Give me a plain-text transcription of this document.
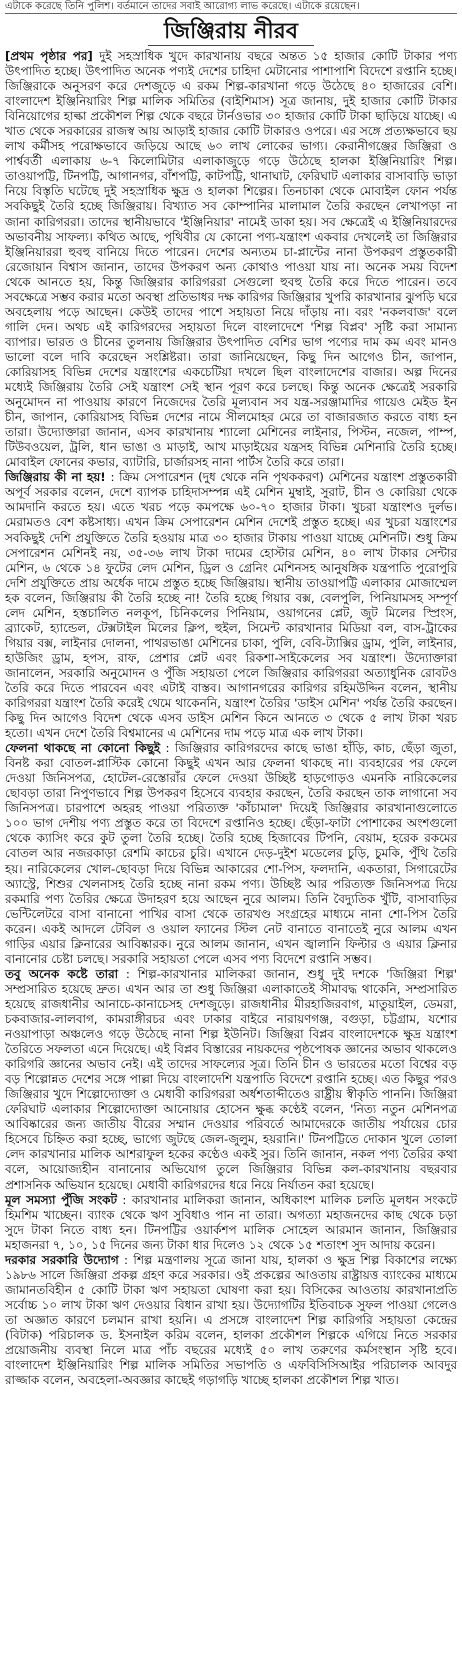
এটাকে করেছে তিনি পুলিশ। বর্তমানে তাদের সবাই আরোগ্য লাভ করেছে। এটাকে রয়েছেন।
জিঞ্জিরায় নীরব

[প্রথম পৃষ্ঠার পর] দুই সহস্রাধিক খুদে কারখানায় বছরে অন্তত ১৫ হাজার কোটি টাকার পণ্য উৎপাদিত হচ্ছে। উৎপাদিত অনেক পণ্যই দেশের চাহিদা মেটানোর পাশাপাশি বিদেশে রপ্তানি হচ্ছে। জিঞ্জিরাকে অনুসরণ করে দেশজুড়ে এ রকম শিল্প-কারখানা গড়ে উঠেছে ৪০ হাজারের বেশি। বাংলাদেশ ইঞ্জিনিয়ারিং শিল্প মালিক সমিতির (বাইশিমাস) সূত্র জানায়, দুই হাজার কোটি টাকার বিনিয়োগের হাল্কা প্রকৌশল শিল্প থেকে বছরে টার্নওভার ৩০ হাজার কোটি টাকা ছাড়িয়ে যাচ্ছে। এ খাত থেকে সরকারের রাজস্ব আয় আড়াই হাজার কোটি টাকারও ওপরে। এর সঙ্গে প্রত্যক্ষভাবে ছয় লাখ কর্মীসহ পরোক্ষভাবে জড়িয়ে আছে ৬০ লাখ লোকের ভাগ্য। কেরানীগঞ্জের জিঞ্জিরা ও পার্শ্ববর্তী এলাকায় ৬-৭ কিলোমিটার এলাকাজুড়ে গড়ে উঠেছে হালকা ইঞ্জিনিয়ারিং শিল্প। তাওয়াপট্টি, টিনপট্টি, আগানগর, বাঁশপট্টি, কাটপট্টি, থানাঘাট, ফেরিঘাট এলাকার বাসাবাড়ি ভাড়া নিয়ে বিস্তৃতি ঘটেছে দুই সহস্রাধিক ক্ষুদ্র ও হালকা শিল্পের। তিনচাকা থেকে মোবাইল ফোন পর্যন্ত সবকিছুই তৈরি হচ্ছে জিঞ্জিরায়। বিখ্যাত সব কোম্পানির মালামাল তৈরি করছেন লেখাপড়া না জানা কারিগররা। তাদের স্থানীয়ভাবে 'ইঞ্জিনিয়ার' নামেই ডাকা হয়। সব ক্ষেত্রেই এ ইঞ্জিনিয়ারদের অভাবনীয় সাফল্য। কথিত আছে, পৃথিবীর যে কোনো পণ্য-যন্ত্রাংশ একবার দেখলেই তা জিঞ্জিরার ইঞ্জিনিয়াররা হুবহু বানিয়ে দিতে পারেন। দেশের অন্যতম চা-প্লান্টের নানা উপকরণ প্রস্তুতকারী রেজোয়ান বিশ্বাস জানান, তাদের উপকরণ অন্য কোথাও পাওয়া যায় না। অনেক সময় বিদেশ থেকে আনতে হয়, কিন্তু জিঞ্জিরার কারিগররা সেগুলো হুবহু তৈরি করে দিতে পারেন। তবে সবক্ষেত্রে সম্ভব করার মতো অবস্থা প্রতিভাধর দক্ষ কারিগর জিঞ্জিরার খুপরি কারখানার ঝুপড়ি ঘরে অবহেলায় পড়ে আছেন। কেউই তাদের পাশে সহায়তা নিয়ে দাঁড়ায় না। বরং 'নকলবাজ' বলে গালি দেন। অথচ এই কারিগরদের সহায়তা দিলে বাংলাদেশে 'শিল্প বিপ্লব' সৃষ্টি করা সামান্য ব্যাপার। ভারত ও চীনের তুলনায় জিঞ্জিরার উৎপাদিত বেশির ভাগ পণ্যের দাম কম এবং মানও ভালো বলে দাবি করেছেন সংশ্লিষ্টরা। তারা জানিয়েছেন, কিছু দিন আগেও চীন, জাপান, কোরিয়াসহ বিভিন্ন দেশের যন্ত্রাংশের একচেটিয়া দখলে ছিল বাংলাদেশের বাজার। অল্প দিনের মধ্যেই জিঞ্জিরায় তৈরি সেই যন্ত্রাংশ সেই স্থান পূরণ করে চলছে। কিন্তু অনেক ক্ষেত্রেই সরকারি অনুমোদন না পাওয়ায় কারণে নিজেদের তৈরি মূল্যবান সব যন্ত্র-সরঞ্জামাদির গায়েও মেইড ইন চীন, জাপান, কোরিয়াসহ বিভিন্ন দেশের নামে সীলমোহর মেরে তা বাজারজাত করতে বাধ্য হন তারা। উদ্যোক্তারা জানান, এসব কারখানায় শ্যালো মেশিনের লাইনার, পিস্টন, নজেল, পাম্প, টিউবওয়েল, ট্রলি, ধান ভাঙা ও মাড়াই, আখ মাড়াইয়ের যন্ত্রসহ বিভিন্ন মেশিনারি তৈরি হচ্ছে। মোবাইল ফোনের কভার, ব্যাটারি, চার্জারসহ নানা পার্টস তৈরি করে তারা।

জিঞ্জিরায় কী না হয়! : ক্রিম সেপারেশন (দুধ থেকে ননি পৃথককরণ) মেশিনের যন্ত্রাংশ প্রস্তুতকারী অপূর্ব সরকার বলেন, দেশে ব্যাপক চাহিদাসম্পন্ন এই মেশিন মুম্বাই, সুরাট, চীন ও কোরিয়া থেকে আমদানি করতে হয়। এতে খরচ পড়ে কমপক্ষে ৬০-৭০ হাজার টাকা। খুচরা যন্ত্রাংশও দুর্লভ। মেরামতও বেশ কষ্টসাধ্য। এখন ক্রিম সেপারেশন মেশিন দেশেই প্রস্তুত হচ্ছে। এর খুচরা যন্ত্রাংশের সবকিছুই দেশি প্রযুক্তিতে তৈরি হওয়ায় মাত্র ৩০ হাজার টাকায় পাওয়া যাচ্ছে মেশিনটি। শুধু ক্রিম সেপারেশন মেশিনই নয়, ৩৫-৩৬ লাখ টাকা দামের হোস্টার মেশিন, ৪০ লাখ টাকার সেন্টার মেশিন, ৬ থেকে ১৪ ফুটের লেদ মেশিন, ড্রিল ও গ্রেনিং মেশিনসহ আনুষঙ্গিক যন্ত্রপাতি পুরোপুরি দেশি প্রযুক্তিতে প্রায় অর্ধেক দামে প্রস্তুত হচ্ছে জিঞ্জিরায়। স্থানীয় তাওয়াপট্টি এলাকার মোজাম্মেল হক বলেন, জিঞ্জিরায় কী তৈরি হচ্ছে না! তৈরি হচ্ছে গিয়ার বক্স, বেলপুলি, পিনিয়ামসহ সম্পূর্ণ লেদ মেশিন, হস্তচালিত নলকূপ, চিনিকলের পিনিয়াম, ওয়াগনের প্লেট, জুট মিলের স্প্রিংস, ব্র্যাকেট, হ্যান্ডেল, টেক্সটাইল মিলের ক্লিপ, হুইল, সিমেন্ট কারখানার মিডিয়া বল, বাস-ট্রাকের গিয়ার বক্স, লাইনার দোলনা, পাথরভাঙা মেশিনের চাকা, পুলি, বেবি-ট্যাক্সির ড্রাম, পুলি, লাইনার, হাউজিং ড্রাম, হপস, রাফ, প্রেশার প্লেট এবং রিকশা-সাইকেলের সব যন্ত্রাংশ। উদ্যোক্তারা জানালেন, সরকারি অনুমোদন ও পুঁজি সহায়তা পেলে জিঞ্জিরার কারিগররা অত্যাধুনিক রোবটও তৈরি করে দিতে পারবেন এবং এটাই বাস্তব। আগানগরের কারিগর রহিমউদ্দিন বলেন, স্থানীয় কারিগররা যন্ত্রাংশ তৈরি করেই থেমে থাকেননি, যন্ত্রাংশ তৈরির 'ডাইস মেশিন' পর্যন্ত তৈরি করছেন। কিছু দিন আগেও বিদেশ থেকে এসব ডাইস মেশিন কিনে আনতে ৩ থেকে ৫ লাখ টাকা খরচ হতো। এখন দেশে তৈরি বিশ্বমানের এ মেশিনের দাম পড়ে মাত্র এক লাখ টাকা।

ফেলনা থাকছে না কোনো কিছুই : জিঞ্জিরার কারিগরদের কাছে ভাঙা হাঁড়ি, কাচ, ছেঁড়া জুতা, বিনষ্ট করা বোতল-প্লাস্টিক কোনো কিছুই এখন আর ফেলনা থাকছে না। ব্যবহারের পর ফেলে দেওয়া জিনিসপত্র, হোটেল-রেস্তোরাঁর ফেলে দেওয়া উচ্ছিষ্ট হাড়গোড়ও এমনকি নারিকেলের ছোবড়া তারা নিপুণভাবে শিল্প উপকরণ হিসেবে ব্যবহার করছেন, তৈরি করছেন তাক লাগানো সব জিনিসপত্র। চারপাশে অহরহ পাওয়া পরিত্যক্ত 'কাঁচামাল' দিয়েই জিঞ্জিরার কারখানাগুলোতে ১০০ ভাগ দেশীয় পণ্য প্রস্তুত করে তা বিদেশে রপ্তানিও হচ্ছে। ছেঁড়া-ফাটা পোশাকের অংশগুলো থেকে ক্যাসিং করে কুট তুলা তৈরি হচ্ছে। তৈরি হচ্ছে হিজাবের টিপনি, বেয়াম, হরেক রকমের বোতল আর নজরকাড়া রেশমি কাচের চুরি। এখানে দেড়-দুইশ মডেলের চুড়ি, চুমকি, পুঁথি তৈরি হয়। নারিকেলের খোল-ছোবড়া দিয়ে বিভিন্ন আকারের শো-পিস, ফলদানি, একতারা, সিগারেটের অ্যাস্ট্রে, শিশুর খেলনাসহ তৈরি হচ্ছে নানা রকম পণ্য। উচ্ছিষ্ট আর পরিত্যক্ত জিনিসপত্র দিয়ে রকমারি পণ্য তৈরির ক্ষেত্রে উদাহরণ হয়ে আছেন নুরে আলম। তিনি বৈদ্যুতিক খুঁটি, বাসাবাড়ির ভেন্টিলেটরে বাসা বানানো পাখির বাসা থেকে তারখণ্ড সংগ্রহের মাধ্যমে নানা শো-পিস তৈরি করেন। একই আদলে টেবিল ও ওয়াল ফ্যানের স্টিল নেট বানাতে বানাতেই নুরে আলম এখন গাড়ির এয়ার ক্লিনারের আবিষ্কারক। নুরে আলম জানান, এখন জ্বালানি ফিল্টার ও এয়ার ক্লিনার বানানোর চেষ্টা চলছে। সরকারি সহায়তা পেলে এসব পণ্য বিদেশে রপ্তানি সম্ভব।

তবু অনেক কষ্টে তারা : শিল্প-কারখানার মালিকরা জানান, শুধু দুই দশকে 'জিঞ্জিরা শিল্প' সম্প্রসারিত হয়েছে দ্রুত। এখন আর তা শুধু জিঞ্জিরা এলাকাতেই সীমাবদ্ধ থাকেনি, সম্প্রসারিত হয়েছে রাজধানীর আনাচে-কানাচেসহ দেশজুড়ে। রাজধানীর মীরহাজিরবাগ, মাতুয়াইল, ডেমরা, চকবাজার-লালবাগ, কামরাঙ্গীরচর এবং ঢাকার বাইরে নারায়ণগঞ্জ, বগুড়া, চট্টগ্রাম, যশোর নওয়াপাড়া অঞ্চলেও গড়ে উঠেছে নানা শিল্প ইউনিট। জিঞ্জিরা বিপ্লব বাংলাদেশকে ক্ষুদ্র যন্ত্রাংশ তৈরিতে সফলতা এনে দিয়েছে। এই বিপ্লব বিস্তারের নায়কদের পৃষ্ঠপোষক জ্ঞানের অভাব থাকলেও কারিগরি জ্ঞানের অভাব নেই। এই তাদের সাফল্যের সূত্র। তিনি চীন ও ভারতের মতো বিশ্বের বড় বড় শিল্পোন্নত দেশের সঙ্গে পাল্লা দিয়ে বাংলাদেশি যন্ত্রপাতি বিদেশে রপ্তানি হচ্ছে। এত কিছুর পরও জিঞ্জিরার খুদে শিল্পোদ্যোক্তা ও মেধাবী কারিগররা অর্ধশতাব্দীতেও রাষ্ট্রীয় স্বীকৃতি পাননি। জিঞ্জিরা ফেরিঘাট এলাকার শিল্পোদ্যোক্তা আনোয়ার হোসেন ক্ষুব্ধ কণ্ঠেই বলেন, 'নিত্য নতুন মেশিনপত্র আবিষ্কারের জন্য জাতীয় বীরের সম্মান দেওয়ার পরিবর্তে আমাদেরকে জাতীয় পর্যায়ের চোর হিসেবে চিহ্নিত করা হচ্ছে, ভাগ্যে জুটছে জেল-জুলুম, হয়রানি।' টিনপট্টিতে দোকান খুলে তোলা লেদ কারখানার মালিক আশরাফুল হকের কণ্ঠেও একই সুর। তিনি জানান, নকল পণ্য তৈরির কথা বলে, আয়োজ্যহীন বানানোর অভিযোগ তুলে জিঞ্জিরার বিভিন্ন কল-কারখানায় বছরবার প্রশাসনিক অভিযান হয়েছে। মেধাবী কারিগরদের ধরে নিয়ে নির্যাতন করা হয়েছে।

মূল সমস্যা পুঁজি সংকট : কারখানার মালিকরা জানান, অধিকাংশ মালিক চলতি মূলধন সংকটে হিমশিম খাচ্ছেন। ব্যাংক থেকে ঋণ সুবিধাও পান না তারা। অগত্যা মহাজনদের কাছ থেকে চড়া সুদে টাকা নিতে বাধ্য হন। টিনপট্টির ওয়ার্কশপ মালিক সোহেল আরমান জানান, জিঞ্জিরার মহাজনরা ৭, ১০, ১৫ দিনের জন্য টাকা ধার দিলেও ১২ থেকে ১৫ শতাংশ সুদ আদায় করেন।

দরকার সরকারি উদ্যোগ : শিল্প মন্ত্রণালয় সূত্রে জানা যায়, হালকা ও ক্ষুদ্র শিল্প বিকাশের লক্ষ্যে ১৯৮৬ সালে জিঞ্জিরা প্রকল্প গ্রহণ করে সরকার। ওই প্রকল্পের আওতায় রাষ্ট্রায়ত্ত ব্যাংকের মাধ্যমে জামানতবিহীন ৫ কোটি টাকা ঋণ সহায়তা ঘোষণা করা হয়। বিসিকের আওতায় কারখানাপ্রতি সর্বোচ্চ ১০ লাখ টাকা ঋণ দেওয়ার বিধান রাখা হয়। উদ্যোগটির ইতিবাচক সুফল পাওয়া গেলেও তা অজ্ঞাত কারণে চলমান রাখা হয়নি। এ প্রসঙ্গে বাংলাদেশ শিল্প কারিগরি সহায়তা কেন্দ্রের (বিটাক) পরিচালক ড. ইসনাইল করিম বলেন, হালকা প্রকৌশল শিল্পকে এগিয়ে নিতে সরকার প্রয়োজনীয় ব্যবস্থা নিলে মাত্র পাঁচ বছরের মধ্যেই ৫০ লাখ তরুণের কর্মসংস্থান সৃষ্টি হবে। বাংলাদেশ ইঞ্জিনিয়ারিং শিল্প মালিক সমিতির সভাপতি ও এফবিসিসিআইর পরিচালক আবদুর রাজ্জাক বলেন, অবহেলা-অবজ্ঞার কাছেই গড়াগড়ি খাচ্ছে হালকা প্রকৌশল শিল্প খাত।
